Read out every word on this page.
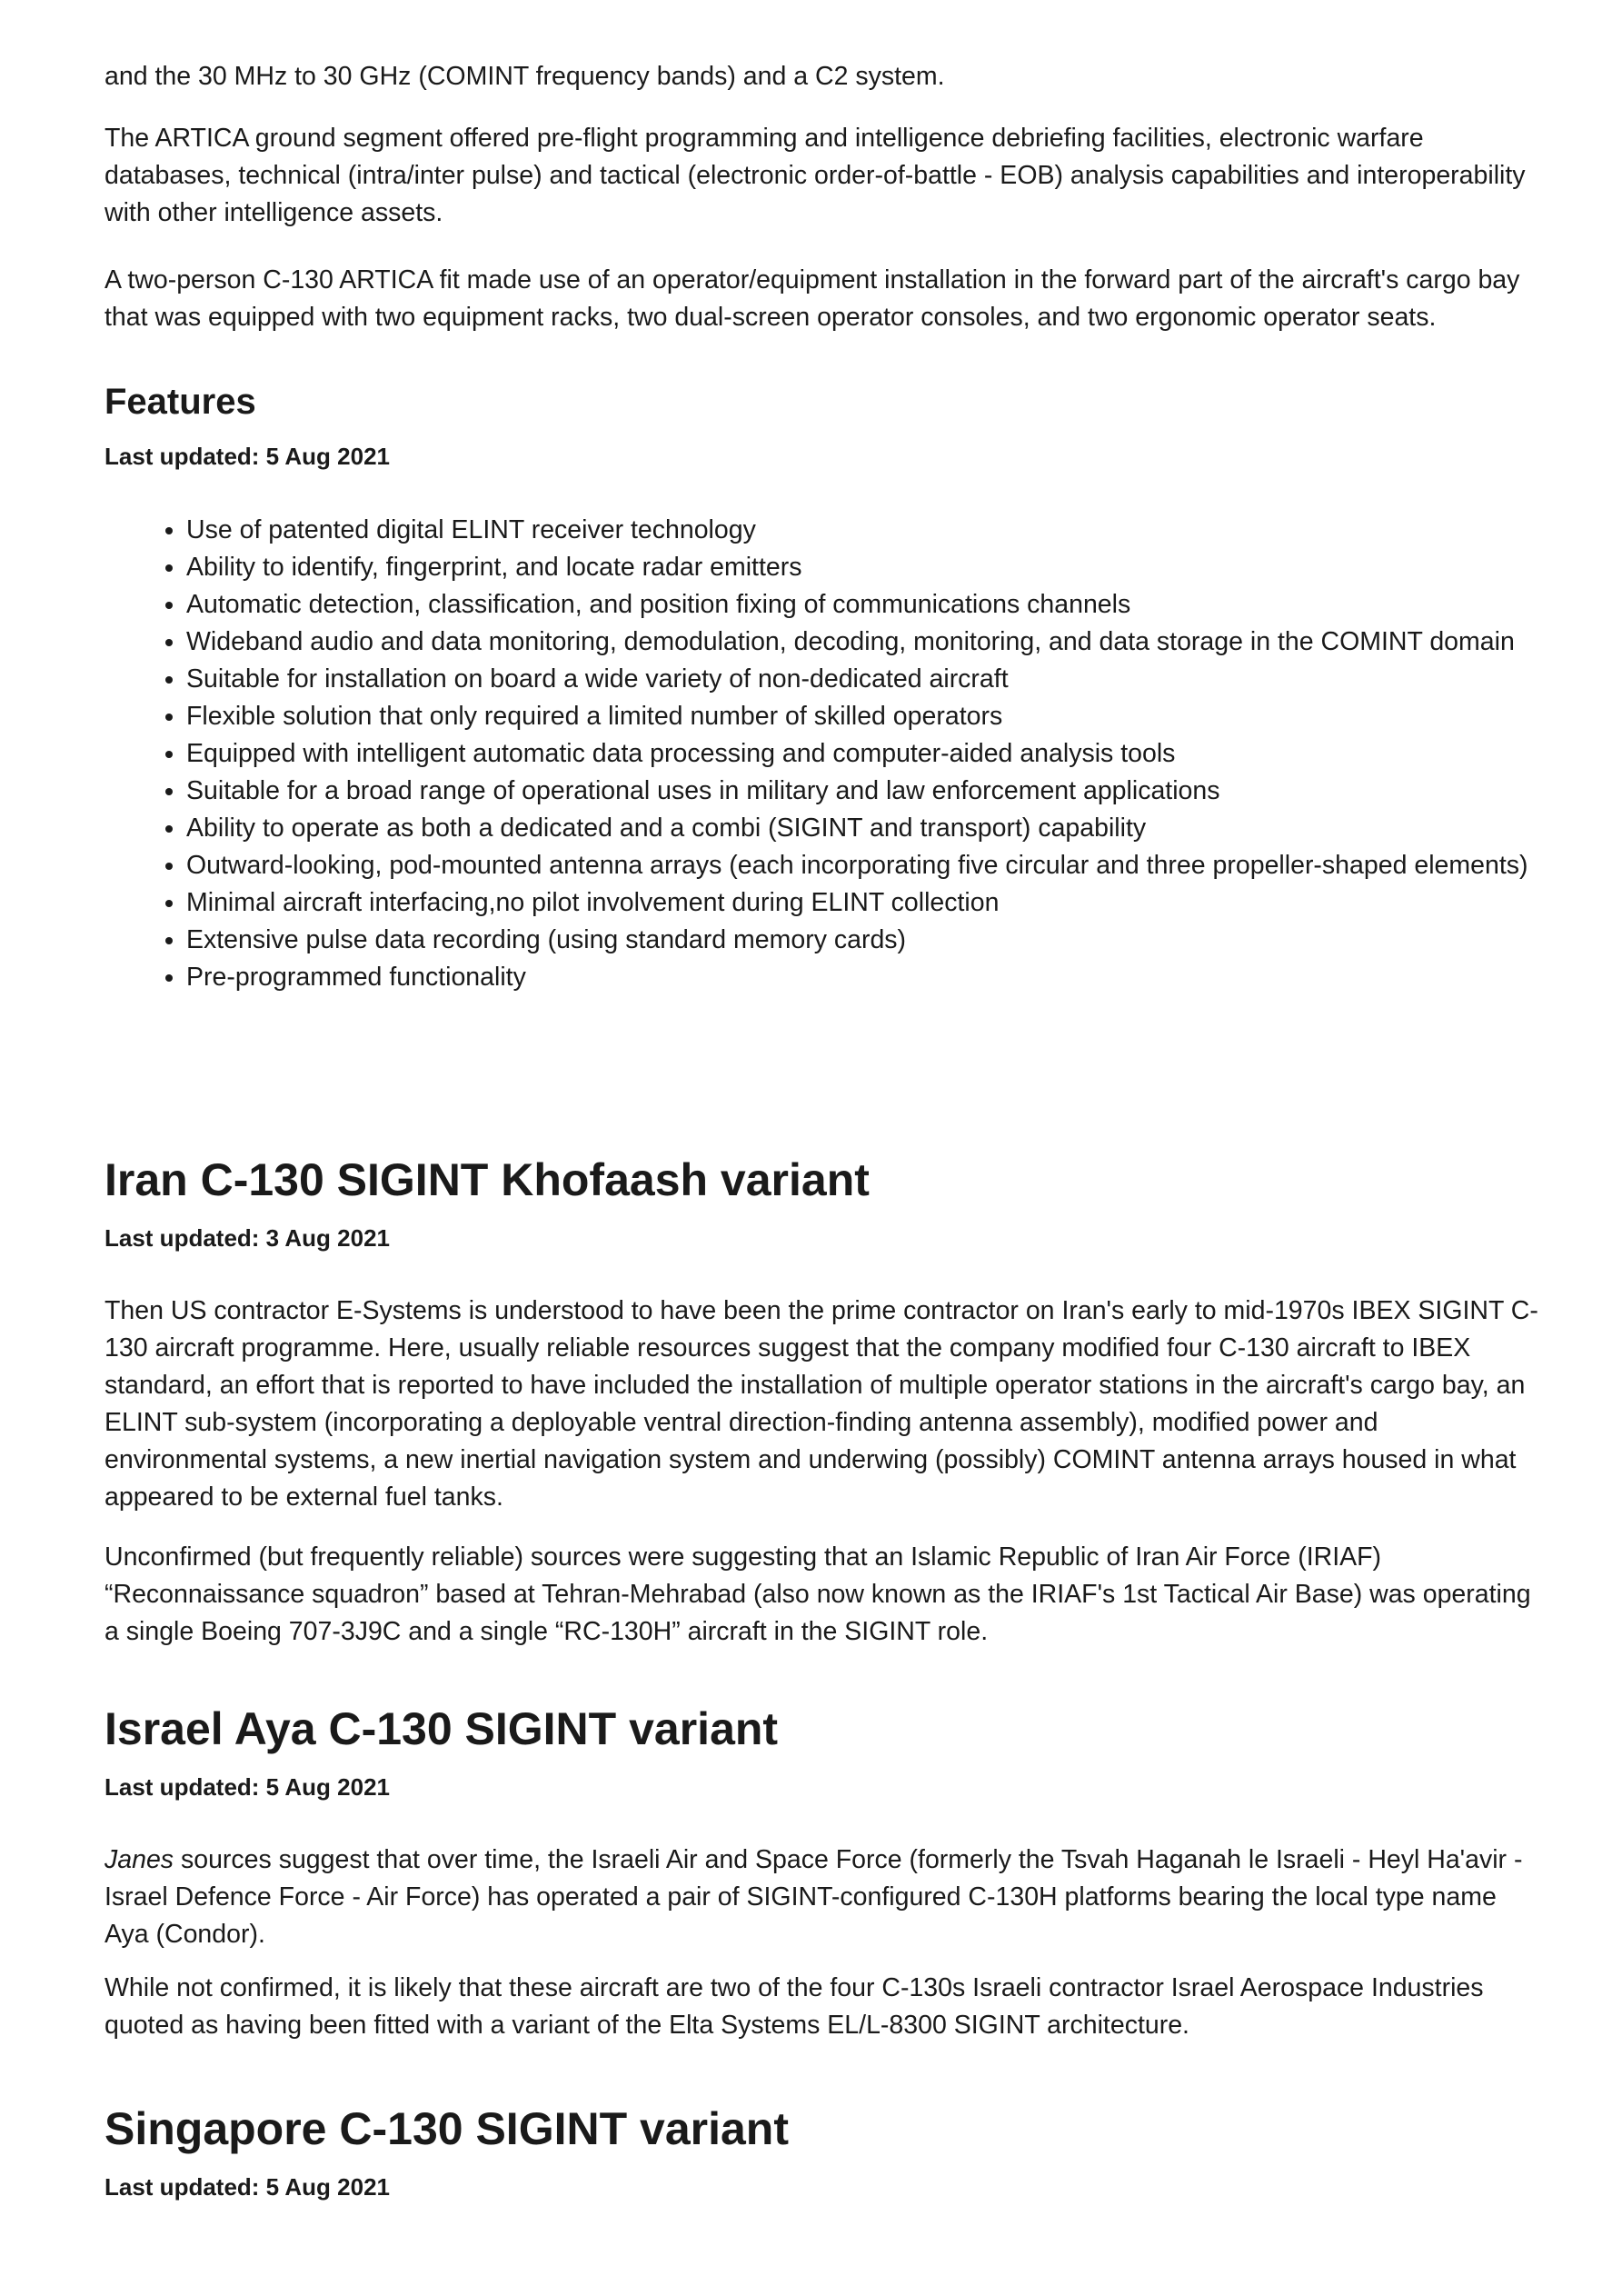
and the 30 MHz to 30 GHz (COMINT frequency bands) and a C2 system.

The ARTICA ground segment offered pre-flight programming and intelligence debriefing facilities, electronic warfare databases, technical (intra/inter pulse) and tactical (electronic order-of-battle - EOB) analysis capabilities and interoperability with other intelligence assets.

A two-person C-130 ARTICA fit made use of an operator/equipment installation in the forward part of the aircraft's cargo bay that was equipped with two equipment racks, two dual-screen operator consoles, and two ergonomic operator seats.

Features

Last updated: 5 Aug 2021

• Use of patented digital ELINT receiver technology
• Ability to identify, fingerprint, and locate radar emitters
• Automatic detection, classification, and position fixing of communications channels
• Wideband audio and data monitoring, demodulation, decoding, monitoring, and data storage in the COMINT domain
• Suitable for installation on board a wide variety of non-dedicated aircraft
• Flexible solution that only required a limited number of skilled operators
• Equipped with intelligent automatic data processing and computer-aided analysis tools
• Suitable for a broad range of operational uses in military and law enforcement applications
• Ability to operate as both a dedicated and a combi (SIGINT and transport) capability
• Outward-looking, pod-mounted antenna arrays (each incorporating five circular and three propeller-shaped elements)
• Minimal aircraft interfacing,no pilot involvement during ELINT collection
• Extensive pulse data recording (using standard memory cards)
• Pre-programmed functionality
Iran C-130 SIGINT Khofaash variant

Last updated: 3 Aug 2021

Then US contractor E-Systems is understood to have been the prime contractor on Iran's early to mid-1970s IBEX SIGINT C-130 aircraft programme. Here, usually reliable resources suggest that the company modified four C-130 aircraft to IBEX standard, an effort that is reported to have included the installation of multiple operator stations in the aircraft's cargo bay, an ELINT sub-system (incorporating a deployable ventral direction-finding antenna assembly), modified power and environmental systems, a new inertial navigation system and underwing (possibly) COMINT antenna arrays housed in what appeared to be external fuel tanks.

Unconfirmed (but frequently reliable) sources were suggesting that an Islamic Republic of Iran Air Force (IRIAF) “Reconnaissance squadron” based at Tehran-Mehrabad (also now known as the IRIAF's 1st Tactical Air Base) was operating a single Boeing 707-3J9C and a single “RC-130H” aircraft in the SIGINT role.

Israel Aya C-130 SIGINT variant

Last updated: 5 Aug 2021

Janes sources suggest that over time, the Israeli Air and Space Force (formerly the Tsvah Haganah le Israeli - Heyl Ha'avir - Israel Defence Force - Air Force) has operated a pair of SIGINT-configured C-130H platforms bearing the local type name Aya (Condor).

While not confirmed, it is likely that these aircraft are two of the four C-130s Israeli contractor Israel Aerospace Industries quoted as having been fitted with a variant of the Elta Systems EL/L-8300 SIGINT architecture.

Singapore C-130 SIGINT variant

Last updated: 5 Aug 2021
